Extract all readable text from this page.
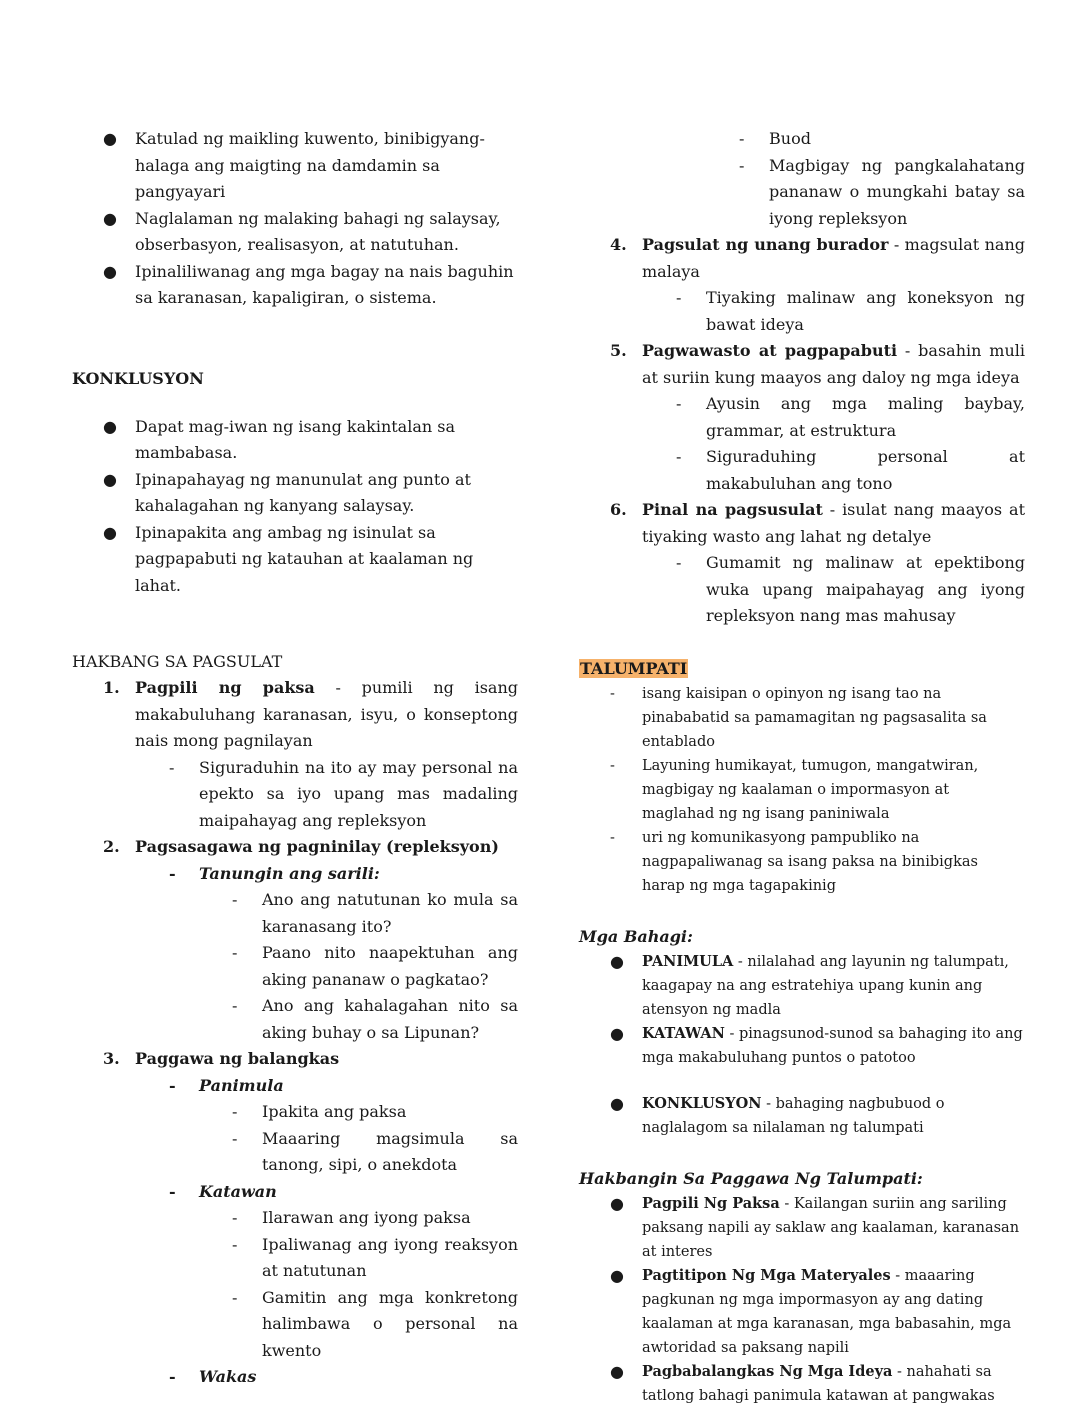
● Katulad ng maikling kuwento, binibigyang-halaga ang maigting na damdamin sa pangyayari
● Naglalaman ng malaking bahagi ng salaysay, obserbasyon, realisasyon, at natutuhan.
● Ipinaliliwanag ang mga bagay na nais baguhin sa karanasan, kapaligiran, o sistema.
KONKLUSYON
● Dapat mag-iwan ng isang kakintalan sa mambabasa.
● Ipinapahayag ng manunulat ang punto at kahalagahan ng kanyang salaysay.
● Ipinapakita ang ambag ng isinulat sa pagpapabuti ng katauhan at kaalaman ng lahat.
HAKBANG SA PAGSULAT
1. Pagpili ng paksa - pumili ng isang makabuluhang karanasan, isyu, o konseptong nais mong pagnilayan
- Siguraduhin na ito ay may personal na epekto sa iyo upang mas madaling maipahayag ang repleksyon
2. Pagsasagawa ng pagninilay (repleksyon)
- Tanungin ang sarili:
- Ano ang natutunan ko mula sa karanasang ito?
- Paano nito naapektuhan ang aking pananaw o pagkatao?
- Ano ang kahalagahan nito sa aking buhay o sa Lipunan?
3. Paggawa ng balangkas
- Panimula
- Ipakita ang paksa
- Maaaring magsimula sa tanong, sipi, o anekdota
- Katawan
- Ilarawan ang iyong paksa
- Ipaliwanag ang iyong reaksyon at natutunan
- Gamitin ang mga konkretong halimbawa o personal na kwento
- Wakas
- Buod
- Magbigay ng pangkalahatang pananaw o mungkahi batay sa iyong repleksyon
4. Pagsulat ng unang burador - magsulat nang malaya
- Tiyaking malinaw ang koneksyon ng bawat ideya
5. Pagwawasto at pagpapabuti - basahin muli at suriin kung maayos ang daloy ng mga ideya
- Ayusin ang mga maling baybay, grammar, at estruktura
- Siguraduhing personal at makabuluhan ang tono
6. Pinal na pagsusulat - isulat nang maayos at tiyaking wasto ang lahat ng detalye
- Gumamit ng malinaw at epektibong wuka upang maipahayag ang iyong repleksyon nang mas mahusay
TALUMPATI
- isang kaisipan o opinyon ng isang tao na pinababatid sa pamamagitan ng pagsasalita sa entablado
- Layuning humikayat, tumugon, mangatwiran, magbigay ng kaalaman o impormasyon at maglahad ng ng isang paniniwala
- uri ng komunikasyong pampubliko na nagpapaliwanag sa isang paksa na binibigkas harap ng mga tagapakinig
Mga Bahagi:
● PANIMULA - nilalahad ang layunin ng talumpatı, kaagapay na ang estratehiya upang kunin ang atensyon ng madla
● KATAWAN - pinagsunod-sunod sa bahaging ito ang mga makabuluhang puntos o patotoo
● KONKLUSYON - bahaging nagbubuod o naglalagom sa nilalaman ng talumpati
Hakbangin Sa Paggawa Ng Talumpati:
● Pagpili Ng Paksa - Kailangan suriin ang sariling paksang napili ay saklaw ang kaalaman, karanasan at interes
● Pagtitipon Ng Mga Materyales - maaaring pagkunan ng mga impormasyon ay ang dating kaalaman at mga karanasan, mga babasahin, mga awtoridad sa paksang napili
● Pagbabalangkas Ng Mga Ideya - nahahati sa tatlong bahagi panimula katawan at pangwakas
